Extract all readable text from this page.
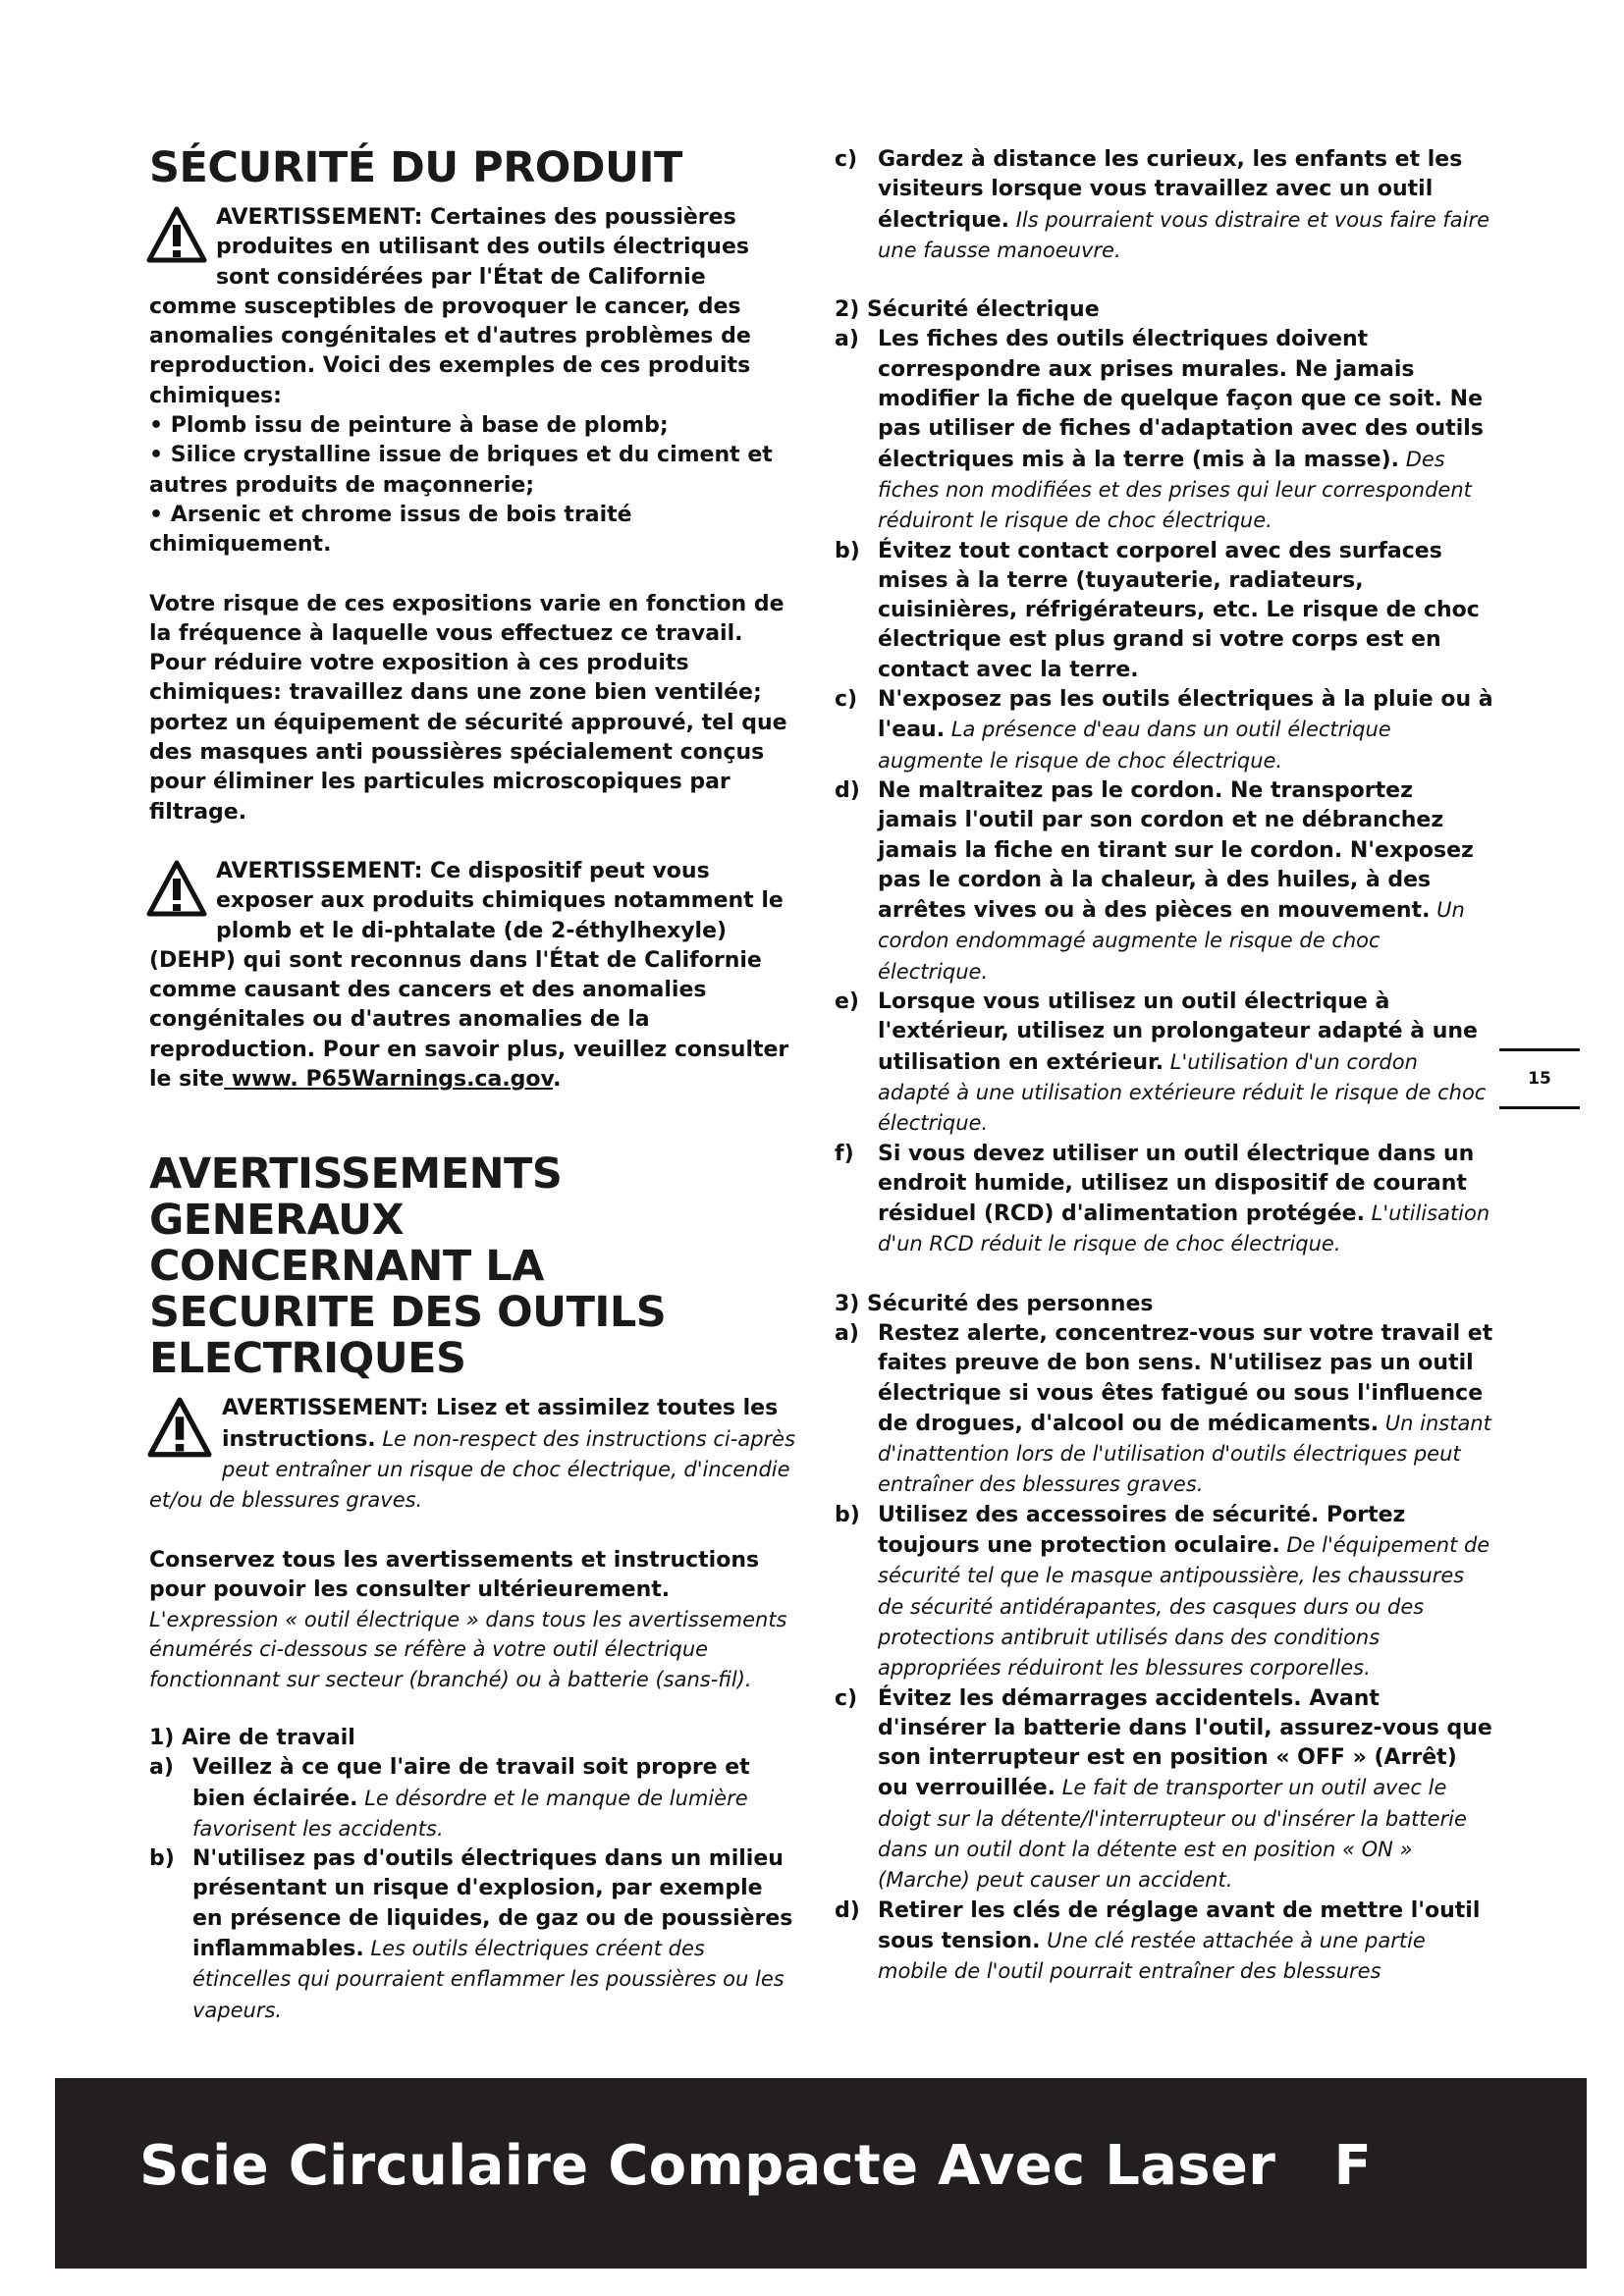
SÉCURITÉ DU PRODUIT

AVERTISSEMENT: Certaines des poussières produites en utilisant des outils électriques sont considérées par l'État de Californie comme susceptibles de provoquer le cancer, des anomalies congénitales et d'autres problèmes de reproduction. Voici des exemples de ces produits chimiques:

• Plomb issu de peinture à base de plomb;

• Silice crystalline issue de briques et du ciment et autres produits de maçonnerie;

• Arsenic et chrome issus de bois traité chimiquement.

Votre risque de ces expositions varie en fonction de la fréquence à laquelle vous effectuez ce travail. Pour réduire votre exposition à ces produits chimiques: travaillez dans une zone bien ventilée; portez un équipement de sécurité approuvé, tel que des masques anti poussières spécialement conçus pour éliminer les particules microscopiques par filtrage.

AVERTISSEMENT: Ce dispositif peut vous exposer aux produits chimiques notamment le plomb et le di-phtalate (de 2-éthylhexyle) (DEHP) qui sont reconnus dans l'État de Californie comme causant des cancers et des anomalies congénitales ou d'autres anomalies de la reproduction. Pour en savoir plus, veuillez consulter le site www. P65Warnings.ca.gov.

AVERTISSEMENTS GENERAUX CONCERNANT LA SECURITE DES OUTILS ELECTRIQUES

AVERTISSEMENT: Lisez et assimilez toutes les instructions. Le non-respect des instructions ci-après peut entraîner un risque de choc électrique, d'incendie et/ou de blessures graves.

Conservez tous les avertissements et instructions pour pouvoir les consulter ultérieurement.

L'expression « outil électrique » dans tous les avertissements énumérés ci-dessous se réfère à votre outil électrique fonctionnant sur secteur (branché) ou à batterie (sans-fil).

1) Aire de travail

a) Veillez à ce que l'aire de travail soit propre et bien éclairée. Le désordre et le manque de lumière favorisent les accidents.
b) N'utilisez pas d'outils électriques dans un milieu présentant un risque d'explosion, par exemple en présence de liquides, de gaz ou de poussières inflammables. Les outils électriques créent des étincelles qui pourraient enflammer les poussières ou les vapeurs.
c) Gardez à distance les curieux, les enfants et les visiteurs lorsque vous travaillez avec un outil électrique. Ils pourraient vous distraire et vous faire faire une fausse manoeuvre.

2) Sécurité électrique

a) Les fiches des outils électriques doivent correspondre aux prises murales. Ne jamais modifier la fiche de quelque façon que ce soit. Ne pas utiliser de fiches d'adaptation avec des outils électriques mis à la terre (mis à la masse). Des fiches non modifiées et des prises qui leur correspondent réduiront le risque de choc électrique.
b) Évitez tout contact corporel avec des surfaces mises à la terre (tuyauterie, radiateurs, cuisinières, réfrigérateurs, etc. Le risque de choc électrique est plus grand si votre corps est en contact avec la terre.
c) N'exposez pas les outils électriques à la pluie ou à l'eau. La présence d'eau dans un outil électrique augmente le risque de choc électrique.
d) Ne maltraitez pas le cordon. Ne transportez jamais l'outil par son cordon et ne débranchez jamais la fiche en tirant sur le cordon. N'exposez pas le cordon à la chaleur, à des huiles, à des arrêtes vives ou à des pièces en mouvement. Un cordon endommagé augmente le risque de choc électrique.
e) Lorsque vous utilisez un outil électrique à l'extérieur, utilisez un prolongateur adapté à une utilisation en extérieur. L'utilisation d'un cordon adapté à une utilisation extérieure réduit le risque de choc électrique.
f) Si vous devez utiliser un outil électrique dans un endroit humide, utilisez un dispositif de courant résiduel (RCD) d'alimentation protégée. L'utilisation d'un RCD réduit le risque de choc électrique.

3) Sécurité des personnes

a) Restez alerte, concentrez-vous sur votre travail et faites preuve de bon sens. N'utilisez pas un outil électrique si vous êtes fatigué ou sous l'influence de drogues, d'alcool ou de médicaments. Un instant d'inattention lors de l'utilisation d'outils électriques peut entraîner des blessures graves.
b) Utilisez des accessoires de sécurité. Portez toujours une protection oculaire. De l'équipement de sécurité tel que le masque antipoussière, les chaussures de sécurité antidérapantes, des casques durs ou des protections antibruit utilisés dans des conditions appropriées réduiront les blessures corporelles.
c) Évitez les démarrages accidentels. Avant d'insérer la batterie dans l'outil, assurez-vous que son interrupteur est en position « OFF » (Arrêt) ou verrouillée. Le fait de transporter un outil avec le doigt sur la détente/l'interrupteur ou d'insérer la batterie dans un outil dont la détente est en position « ON » (Marche) peut causer un accident.
d) Retirer les clés de réglage avant de mettre l'outil sous tension. Une clé restée attachée à une partie mobile de l'outil pourrait entraîner des blessures
15
Scie Circulaire Compacte Avec Laser   F
